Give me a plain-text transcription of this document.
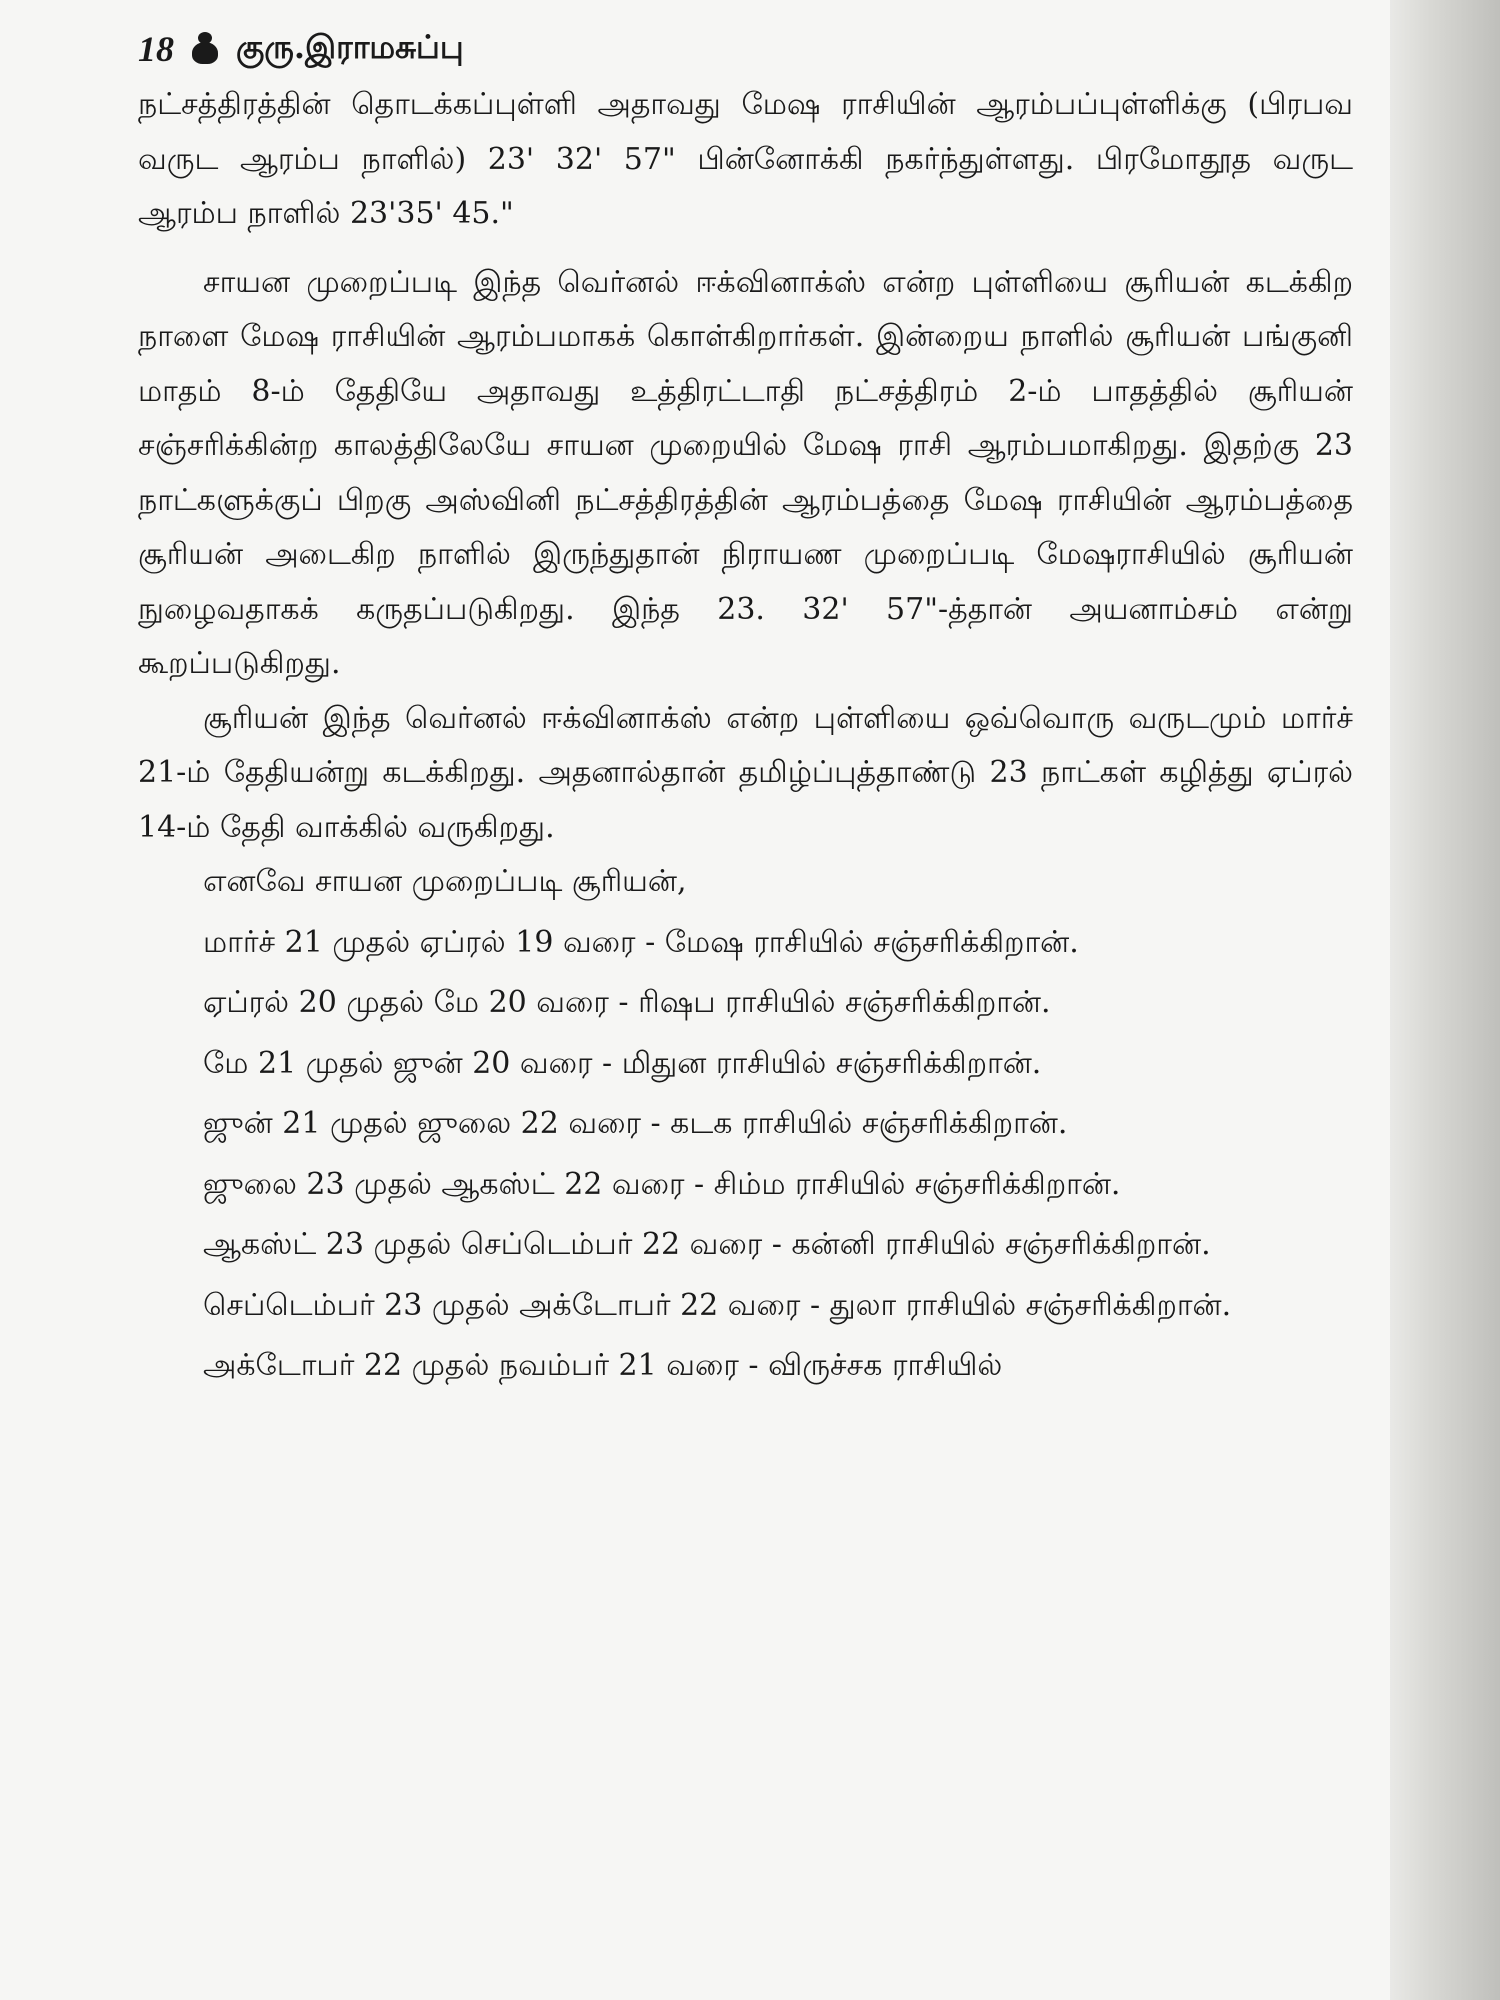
18 குரு.இராமசுப்பு

நட்சத்திரத்தின் தொடக்கப்புள்ளி அதாவது மேஷ ராசியின் ஆரம்பப்புள்ளிக்கு (பிரபவ வருட ஆரம்ப நாளில்) 23' 32' 57" பின்னோக்கி நகர்ந்துள்ளது. பிரமோதூத வருட ஆரம்ப நாளில் 23'35' 45."

சாயன முறைப்படி இந்த வெர்னல் ஈக்வினாக்ஸ் என்ற புள்ளியை சூரியன் கடக்கிற நாளை மேஷ ராசியின் ஆரம்பமாகக் கொள்கிறார்கள். இன்றைய நாளில் சூரியன் பங்குனி மாதம் 8-ம் தேதியே அதாவது உத்திரட்டாதி நட்சத்திரம் 2-ம் பாதத்தில் சூரியன் சஞ்சரிக்கின்ற காலத்திலேயே சாயன முறையில் மேஷ ராசி ஆரம்பமாகிறது. இதற்கு 23 நாட்களுக்குப் பிறகு அஸ்வினி நட்சத்திரத்தின் ஆரம்பத்தை மேஷ ராசியின் ஆரம்பத்தை சூரியன் அடைகிற நாளில் இருந்துதான் நிராயண முறைப்படி மேஷராசியில் சூரியன் நுழைவதாகக் கருதப்படுகிறது. இந்த 23. 32' 57"-த்தான் அயனாம்சம் என்று கூறப்படுகிறது.

சூரியன் இந்த வெர்னல் ஈக்வினாக்ஸ் என்ற புள்ளியை ஒவ்வொரு வருடமும் மார்ச் 21-ம் தேதியன்று கடக்கிறது. அதனால்தான் தமிழ்ப்புத்தாண்டு 23 நாட்கள் கழித்து ஏப்ரல் 14-ம் தேதி வாக்கில் வருகிறது.

எனவே சாயன முறைப்படி சூரியன்,

மார்ச் 21 முதல் ஏப்ரல் 19 வரை - மேஷ ராசியில் சஞ்சரிக்கிறான்.

ஏப்ரல் 20 முதல் மே 20 வரை - ரிஷப ராசியில் சஞ்சரிக்கிறான்.

மே 21 முதல் ஜுன் 20 வரை - மிதுன ராசியில் சஞ்சரிக்கிறான்.

ஜுன் 21 முதல் ஜுலை 22 வரை - கடக ராசியில் சஞ்சரிக்கிறான்.

ஜுலை 23 முதல் ஆகஸ்ட் 22 வரை - சிம்ம ராசியில் சஞ்சரிக்கிறான்.

ஆகஸ்ட் 23 முதல் செப்டெம்பர் 22 வரை - கன்னி ராசியில் சஞ்சரிக்கிறான்.

செப்டெம்பர் 23 முதல் அக்டோபர் 22 வரை - துலா ராசியில் சஞ்சரிக்கிறான்.

அக்டோபர் 22 முதல் நவம்பர் 21 வரை - விருச்சக ராசியில்
